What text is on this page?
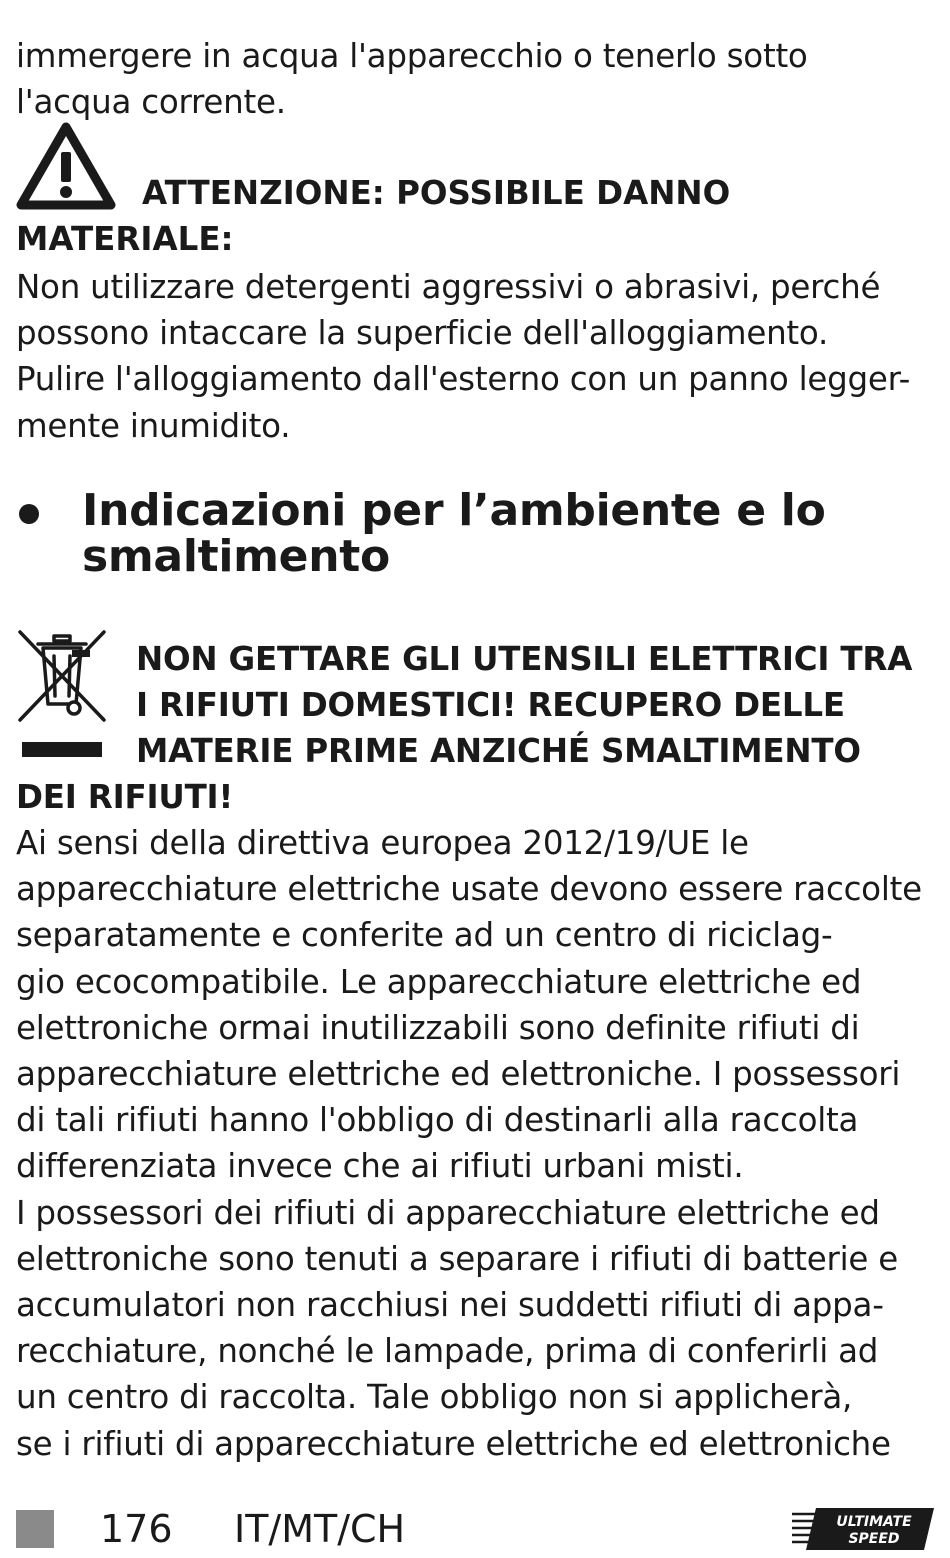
immergere in acqua l'apparecchio o tenerlo sotto
l'acqua corrente.
ATTENZIONE: POSSIBILE DANNO
MATERIALE:
Non utilizzare detergenti aggressivi o abrasivi, perché
possono intaccare la superficie dell'alloggiamento.
Pulire l'alloggiamento dall'esterno con un panno legger-
mente inumidito.
Indicazioni per l’ambiente e lo
smaltimento
NON GETTARE GLI UTENSILI ELETTRICI TRA
I RIFIUTI DOMESTICI! RECUPERO DELLE
MATERIE PRIME ANZICHÉ SMALTIMENTO
DEI RIFIUTI!
Ai sensi della direttiva europea 2012/19/UE le
apparecchiature elettriche usate devono essere raccolte
separatamente e conferite ad un centro di riciclag-
gio ecocompatibile. Le apparecchiature elettriche ed
elettroniche ormai inutilizzabili sono definite rifiuti di
apparecchiature elettriche ed elettroniche. I possessori
di tali rifiuti hanno l'obbligo di destinarli alla raccolta
differenziata invece che ai rifiuti urbani misti.
I possessori dei rifiuti di apparecchiature elettriche ed
elettroniche sono tenuti a separare i rifiuti di batterie e
accumulatori non racchiusi nei suddetti rifiuti di appa-
recchiature, nonché le lampade, prima di conferirli ad
un centro di raccolta. Tale obbligo non si applicherà,
se i rifiuti di apparecchiature elettriche ed elettroniche
176 IT/MT/CH	ULTIMATE
SPEED
